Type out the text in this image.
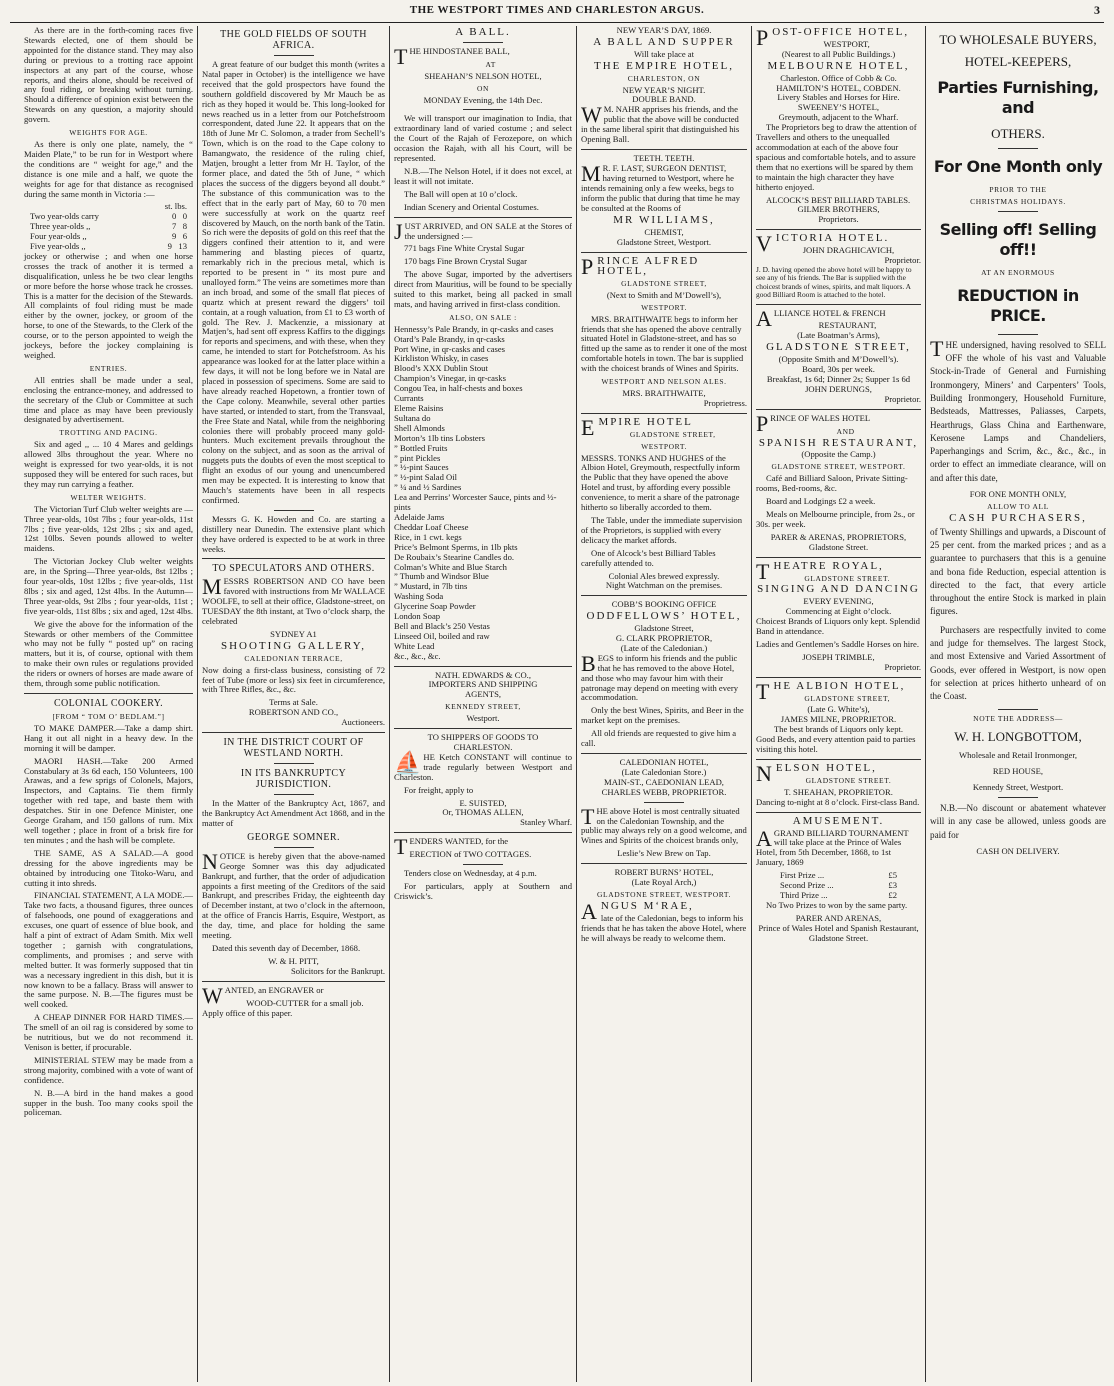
THE WESTPORT TIMES AND CHARLESTON ARGUS.	3

As there are in the forth-coming races five Stewards elected, one of them should be appointed for the distance stand. They may also during or previous to a trotting race appoint inspectors at any part of the course, whose reports, and theirs alone, should be received of any foul riding, or breaking without turning. Should a difference of opinion exist between the Stewards on any question, a majority should govern.

WEIGHTS FOR AGE.

As there is only one plate, namely, the “ Maiden Plate,” to be run for in Westport where the conditions are “ weight for age,” and the distance is one mile and a half, we quote the weights for age for that distance as recognised during the same month in Victoria :—

st. lbs.
Two year-olds carry	0 0
Three year-olds ,,	7 8
Four year-olds ,,	9 6
Five year-olds ,,	9 13

jockey or otherwise ; and when one horse crosses the track of another it is termed a disqualification, unless he be two clear lengths or more before the horse whose track he crosses. This is a matter for the decision of the Stewards. All complaints of foul riding must be made either by the owner, jockey, or groom of the horse, to one of the Stewards, to the Clerk of the course, or to the person appointed to weigh the jockeys, before the jockey complaining is weighed.

ENTRIES.

All entries shall be made under a seal, enclosing the entrance-money, and addressed to the secretary of the Club or Committee at such time and place as may have been previously designated by advertisement.

TROTTING AND PACING.

Six and aged ,, ... 10 4 Mares and geldings allowed 3lbs throughout the year. Where no weight is expressed for two year-olds, it is not supposed they will be entered for such races, but they may run carrying a feather.

WELTER WEIGHTS.

The Victorian Turf Club welter weights are — Three year-olds, 10st 7lbs ; four year-olds, 11st 7lbs ; five year-olds, 12st 2lbs ; six and aged, 12st 10lbs. Seven pounds allowed to welter maidens.

The Victorian Jockey Club welter weights are, in the Spring—Three year-olds, 8st 12lbs ; four year-olds, 10st 12lbs ; five year-olds, 11st 8lbs ; six and aged, 12st 4lbs. In the Autumn—Three year-olds, 9st 2lbs ; four year-olds, 11st ; five year-olds, 11st 8lbs ; six and aged, 12st 4lbs.

We give the above for the information of the Stewards or other members of the Committee who may not be fully “ posted up” on racing matters, but it is, of course, optional with them to make their own rules or regulations provided the riders or owners of horses are made aware of them, through some public notification.

COLONIAL COOKERY.
[FROM “ TOM O’ BEDLAM.”]

TO MAKE DAMPER.—Take a damp shirt. Hang it out all night in a heavy dew. In the morning it will be damper.

MAORI HASH.—Take 200 Armed Constabulary at 3s 6d each, 150 Volunteers, 100 Arawas, and a few sprigs of Colonels, Majors, Inspectors, and Captains. Tie them firmly together with red tape, and baste them with despatches. Stir in one Defence Minister, one George Graham, and 150 gallons of rum. Mix well together ; place in front of a brisk fire for ten minutes ; and the hash will be complete.

THE SAME, AS A SALAD.—A good dressing for the above ingredients may be obtained by introducing one Titoko-Waru, and cutting it into shreds.

FINANCIAL STATEMENT, A LA MODE.—Take two facts, a thousand figures, three ounces of falsehoods, one pound of exaggerations and excuses, one quart of essence of blue book, and half a pint of extract of Adam Smith. Mix well together ; garnish with congratulations, compliments, and promises ; and serve with melted butter. It was formerly supposed that tin was a necessary ingredient in this dish, but it is now known to be a fallacy. Brass will answer to the same purpose. N. B.—The figures must be well cooked.

A CHEAP DINNER FOR HARD TIMES.—The smell of an oil rag is considered by some to be nutritious, but we do not recommend it. Venison is better, if procurable.

MINISTERIAL STEW may be made from a strong majority, combined with a vote of want of confidence.

N. B.—A bird in the hand makes a good supper in the bush. Too many cooks spoil the policeman.

THE GOLD FIELDS OF SOUTH AFRICA.

A great feature of our budget this month (writes a Natal paper in October) is the intelligence we have received that the gold prospectors have found the southern goldfield discovered by Mr Mauch be as rich as they hoped it would be. This long-looked for news reached us in a letter from our Potchefstroom correspondent, dated June 22. It appears that on the 18th of June Mr C. Solomon, a trader from Sechell’s Town, which is on the road to the Cape colony to Bamangwato, the residence of the ruling chief, Matjen, brought a letter from Mr H. Taylor, of the former place, and dated the 5th of June, “ which places the success of the diggers beyond all doubt.” The substance of this communication was to the effect that in the early part of May, 60 to 70 men were successfully at work on the quartz reef discovered by Mauch, on the north bank of the Tatin. So rich were the deposits of gold on this reef that the diggers confined their attention to it, and were hammering and blasting pieces of quartz, remarkably rich in the precious metal, which is reported to be present in “ its most pure and unalloyed form.” The veins are sometimes more than an inch broad, and some of the small flat pieces of quartz which at present reward the diggers’ toil contain, at a rough valuation, from £1 to £3 worth of gold. The Rev. J. Mackenzie, a missionary at Matjen’s, had sent off express Kaffirs to the diggings for reports and specimens, and with these, when they came, he intended to start for Potchefstroom. As his appearance was looked for at the latter place within a few days, it will not be long before we in Natal are placed in possession of specimens. Some are said to have already reached Hopetown, a frontier town of the Cape colony. Meanwhile, several other parties have started, or intended to start, from the Transvaal, the Free State and Natal, while from the neighboring colonies there will probably proceed many gold-hunters. Much excitement prevails throughout the colony on the subject, and as soon as the arrival of nuggets puts the doubts of even the most sceptical to flight an exodus of our young and unencumbered men may be expected. It is interesting to know that Mauch’s statements have been in all respects confirmed.

Messrs G. K. Howden and Co. are starting a distillery near Dunedin. The extensive plant which they have ordered is expected to be at work in three weeks.

TO SPECULATORS AND OTHERS.

MESSRS ROBERTSON AND CO have been favored with instructions from Mr WALLACE WOOLFE, to sell at their office, Gladstone-street, on TUESDAY the 8th instant, at Two o’clock sharp, the celebrated

SYDNEY A1
SHOOTING GALLERY,
CALEDONIAN TERRACE,

Now doing a first-class business, consisting of 72 feet of Tube (more or less) six feet in circumference, with Three Rifles, &c., &c.

Terms at Sale.
ROBERTSON AND CO.,
Auctioneers.
IN THE DISTRICT COURT OF WESTLAND NORTH.
IN ITS BANKRUPTCY JURISDICTION.

In the Matter of the Bankruptcy Act, 1867, and the Bankruptcy Act Amendment Act 1868, and in the matter of

GEORGE SOMNER.

NOTICE is hereby given that the above-named George Somner was this day adjudicated Bankrupt, and further, that the order of adjudication appoints a first meeting of the Creditors of the said Bankrupt, and prescribes Friday, the eighteenth day of December instant, at two o’clock in the afternoon, at the office of Francis Harris, Esquire, Westport, as the day, time, and place for holding the same meeting.

Dated this seventh day of December, 1868.

W. & H. PITT,
Solicitors for the Bankrupt.

WANTED, an ENGRAVER or

WOOD-CUTTER for a small job.

Apply office of this paper.

A BALL.

THE HINDOSTANEE BALL,

AT
SHEAHAN’S NELSON HOTEL,
ON
MONDAY Evening, the 14th Dec.

We will transport our imagination to India, that extraordinary land of varied costume ; and select the Court of the Rajah of Ferozepore, on which occasion the Rajah, with all his Court, will be represented.

N.B.—The Nelson Hotel, if it does not excel, at least it will not imitate.

The Ball will open at 10 o’clock.

Indian Scenery and Oriental Costumes.

JUST ARRIVED, and ON SALE at the Stores of the undersigned :—

771 bags Fine White Crystal Sugar

170 bags Fine Brown Crystal Sugar

The above Sugar, imported by the advertisers direct from Mauritius, will be found to be specially suited to this market, being all packed in small mats, and having arrived in first-class condition.

ALSO, ON SALE :

Hennessy’s Pale Brandy, in qr-casks and cases

Otard’s Pale Brandy, in qr-casks

Port Wine, in qr-casks and cases

Kirkliston Whisky, in cases

Blood’s XXX Dublin Stout

Champion’s Vinegar, in qr-casks

Congou Tea, in half-chests and boxes

Currants

Eleme Raisins

Sultana do

Shell Almonds

Morton’s 1lb tins Lobsters

” Bottled Fruits

” pint Pickles

” ½-pint Sauces

” ½-pint Salad Oil

” ¼ and ½ Sardines

Lea and Perrins’ Worcester Sauce, pints and ½-pints

Adelaide Jams

Cheddar Loaf Cheese

Rice, in 1 cwt. kegs

Price’s Belmont Sperms, in 1lb pkts

De Roubaix’s Stearine Candles do.

Colman’s White and Blue Starch

” Thumb and Windsor Blue

” Mustard, in 7lb tins

Washing Soda

Glycerine Soap Powder

London Soap

Bell and Black’s 250 Vestas

Linseed Oil, boiled and raw

White Lead

&c., &c., &c.

NATH. EDWARDS & CO.,
IMPORTERS AND SHIPPING
AGENTS,
KENNEDY STREET,
Westport.
TO SHIPPERS OF GOODS TO
CHARLESTON.

⛵ HE Ketch CONSTANT will continue to trade regularly between Westport and Charleston.

For freight, apply to

E. SUISTED,
Or, THOMAS ALLEN,
Stanley Wharf.

TENDERS WANTED, for the

ERECTION of TWO COTTAGES.

Tenders close on Wednesday, at 4 p.m.

For particulars, apply at Southern and Criswick’s.

NEW YEAR’S DAY, 1869.
A BALL AND SUPPER
Will take place at
THE EMPIRE HOTEL,
CHARLESTON, ON
NEW YEAR’S NIGHT.
DOUBLE BAND.

W M. NAHR apprises his friends, and the public that the above will be conducted in the same liberal spirit that distinguished his Opening Ball.

TEETH. TEETH.

M R. F. LAST, SURGEON DENTIST, having returned to Westport, where he intends remaining only a few weeks, begs to inform the public that during that time he may be consulted at the Rooms of

MR WILLIAMS,
CHEMIST,
Gladstone Street, Westport.

PRINCE ALFRED HOTEL,

GLADSTONE STREET,
(Next to Smith and M’Dowell’s),
WESTPORT.

MRS. BRAITHWAITE begs to inform her friends that she has opened the above centrally situated Hotel in Gladstone-street, and has so fitted up the same as to render it one of the most comfortable hotels in town. The bar is supplied with the choicest brands of Wines and Spirits.

WESTPORT AND NELSON ALES.
MRS. BRAITHWAITE,
Proprietress.

EMPIRE HOTEL

GLADSTONE STREET,
WESTPORT.

MESSRS. TONKS AND HUGHES of the Albion Hotel, Greymouth, respectfully inform the Public that they have opened the above Hotel and trust, by affording every possible convenience, to merit a share of the patronage hitherto so liberally accorded to them.

The Table, under the immediate supervision of the Proprietors, is supplied with every delicacy the market affords.

One of Alcock’s best Billiard Tables carefully attended to.

Colonial Ales brewed expressly.
Night Watchman on the premises.
COBB’S BOOKING OFFICE
ODDFELLOWS’ HOTEL,
Gladstone Street,
G. CLARK PROPRIETOR,
(Late of the Caledonian.)

BEGS to inform his friends and the public that he has removed to the above Hotel, and those who may favour him with their patronage may depend on meeting with every accommodation.

Only the best Wines, Spirits, and Beer in the market kept on the premises.

All old friends are requested to give him a call.

CALEDONIAN HOTEL,
(Late Caledonian Store.)
MAIN-ST., CAEDONIAN LEAD,
CHARLES WEBB, PROPRIETOR.

THE above Hotel is most centrally situated on the Caledonian Township, and the public may always rely on a good welcome, and Wines and Spirits of the choicest brands only,

Leslie’s New Brew on Tap.
ROBERT BURNS’ HOTEL,
(Late Royal Arch,)
GLADSTONE STREET, WESTPORT.

ANGUS M‘RAE,

late of the Caledonian, begs to inform his friends that he has taken the above Hotel, where he will always be ready to welcome them.

POST-OFFICE HOTEL,

WESTPORT,
(Nearest to all Public Buildings.)
MELBOURNE HOTEL,
Charleston. Office of Cobb & Co.
HAMILTON’S HOTEL, COBDEN.
Livery Stables and Horses for Hire.
SWEENEY’S HOTEL,
Greymouth, adjacent to the Wharf.

The Proprietors beg to draw the attention of Travellers and others to the unequalled accommodation at each of the above four spacious and comfortable hotels, and to assure them that no exertions will be spared by them to maintain the high character they have hitherto enjoyed.

ALCOCK’S BEST BILLIARD TABLES.
GILMER BROTHERS,
Proprietors.

VICTORIA HOTEL.

JOHN DRAGHICAVICH,
Proprietor.

J. D. having opened the above hotel will be happy to see any of his friends. The Bar is supplied with the choicest brands of wines, spirits, and malt liquors. A good Billiard Room is attached to the hotel.

ALLIANCE HOTEL & FRENCH

RESTAURANT,
(Late Boatman’s Arms),
GLADSTONE STREET,
(Opposite Smith and M’Dowell’s).
Board, 30s per week.
Breakfast, 1s 6d; Dinner 2s; Supper 1s 6d
JOHN DERUNGS,
Proprietor.

PRINCE OF WALES HOTEL

AND
SPANISH RESTAURANT,
(Opposite the Camp.)
GLADSTONE STREET, WESTPORT.

Café and Billiard Saloon, Private Sitting-rooms, Bed-rooms, &c.

Board and Lodgings £2 a week.

Meals on Melbourne principle, from 2s., or 30s. per week.

PARER & ARENAS, PROPRIETORS,
Gladstone Street.

THEATRE ROYAL,

GLADSTONE STREET.
SINGING AND DANCING
EVERY EVENING,
Commencing at Eight o’clock.

Choicest Brands of Liquors only kept. Splendid Band in attendance.

Ladies and Gentlemen’s Saddle Horses on hire.

JOSEPH TRIMBLE,
Proprietor.

THE ALBION HOTEL,

GLADSTONE STREET,
(Late G. White’s),
JAMES MILNE, PROPRIETOR.
The best brands of Liquors only kept.

Good Beds, and every attention paid to parties visiting this hotel.

NELSON HOTEL,

GLADSTONE STREET.
T. SHEAHAN, PROPRIETOR.

Dancing to-night at 8 o’clock. First-class Band.

AMUSEMENT.

AGRAND BILLIARD TOURNAMENT will take place at the Prince of Wales Hotel, from 5th December, 1868, to 1st January, 1869

First Prize ...	£5
Second Prize ...	£3
Third Prize ...	£2

No Two Prizes to won by the same party.

PARER AND ARENAS,
Prince of Wales Hotel and Spanish Restaurant,
Gladstone Street.
TO WHOLESALE BUYERS,
HOTEL-KEEPERS,
Parties Furnishing, and
OTHERS.
For One Month only
PRIOR TO THE
CHRISTMAS HOLIDAYS.
Selling off! Selling off!!
AT AN ENORMOUS
REDUCTION in PRICE.

THE undersigned, having resolved to SELL OFF the whole of his vast and Valuable Stock-in-Trade of General and Furnishing Ironmongery, Miners’ and Carpenters’ Tools, Building Ironmongery, Household Furniture, Bedsteads, Mattresses, Paliasses, Carpets, Hearthrugs, Glass China and Earthenware, Kerosene Lamps and Chandeliers, Paperhangings and Scrim, &c., &c., &c., in order to effect an immediate clearance, will on and after this date,

FOR ONE MONTH ONLY,
ALLOW TO ALL
CASH PURCHASERS,

of Twenty Shillings and upwards, a Discount of 25 per cent. from the marked prices ; and as a guarantee to purchasers that this is a genuine and bona fide Reduction, especial attention is directed to the fact, that every article throughout the entire Stock is marked in plain figures.

Purchasers are respectfully invited to come and judge for themselves. The largest Stock, and most Extensive and Varied Assortment of Goods, ever offered in Westport, is now open for selection at prices hitherto unheard of on the Coast.

NOTE THE ADDRESS—
W. H. LONGBOTTOM,
Wholesale and Retail Ironmonger,
RED HOUSE,
Kennedy Street, Westport.

N.B.—No discount or abatement whatever will in any case be allowed, unless goods are paid for

CASH ON DELIVERY.
